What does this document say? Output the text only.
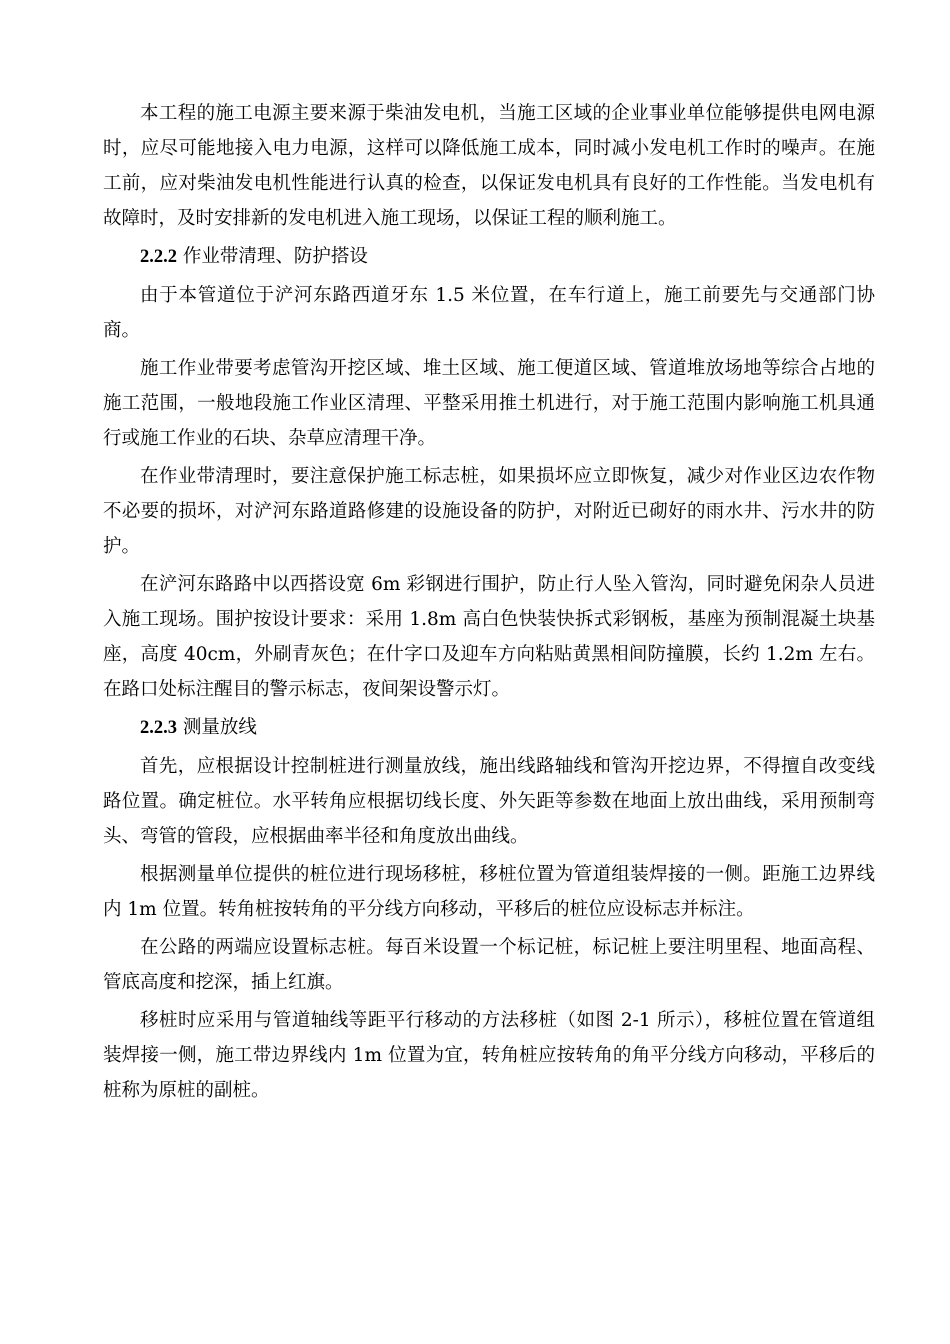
本工程的施工电源主要来源于柴油发电机，当施工区域的企业事业单位能够提供电网电源时，应尽可能地接入电力电源，这样可以降低施工成本，同时减小发电机工作时的噪声。在施工前，应对柴油发电机性能进行认真的检查，以保证发电机具有良好的工作性能。当发电机有故障时，及时安排新的发电机进入施工现场，以保证工程的顺利施工。

2.2.2 作业带清理、防护搭设

由于本管道位于浐河东路西道牙东 1.5 米位置，在车行道上，施工前要先与交通部门协商。

施工作业带要考虑管沟开挖区域、堆土区域、施工便道区域、管道堆放场地等综合占地的施工范围，一般地段施工作业区清理、平整采用推土机进行，对于施工范围内影响施工机具通行或施工作业的石块、杂草应清理干净。

在作业带清理时，要注意保护施工标志桩，如果损坏应立即恢复，减少对作业区边农作物不必要的损坏，对浐河东路道路修建的设施设备的防护，对附近已砌好的雨水井、污水井的防护。

在浐河东路路中以西搭设宽 6m 彩钢进行围护，防止行人坠入管沟，同时避免闲杂人员进入施工现场。围护按设计要求：采用 1.8m 高白色快装快拆式彩钢板，基座为预制混凝土块基座，高度 40cm，外刷青灰色；在什字口及迎车方向粘贴黄黑相间防撞膜，长约 1.2m 左右。在路口处标注醒目的警示标志，夜间架设警示灯。

2.2.3 测量放线

首先，应根据设计控制桩进行测量放线，施出线路轴线和管沟开挖边界，不得擅自改变线路位置。确定桩位。水平转角应根据切线长度、外矢距等参数在地面上放出曲线，采用预制弯头、弯管的管段，应根据曲率半径和角度放出曲线。

根据测量单位提供的桩位进行现场移桩，移桩位置为管道组装焊接的一侧。距施工边界线内 1m 位置。转角桩按转角的平分线方向移动，平移后的桩位应设标志并标注。

在公路的两端应设置标志桩。每百米设置一个标记桩，标记桩上要注明里程、地面高程、管底高度和挖深，插上红旗。

移桩时应采用与管道轴线等距平行移动的方法移桩（如图 2-1 所示），移桩位置在管道组装焊接一侧，施工带边界线内 1m 位置为宜，转角桩应按转角的角平分线方向移动，平移后的桩称为原桩的副桩。
